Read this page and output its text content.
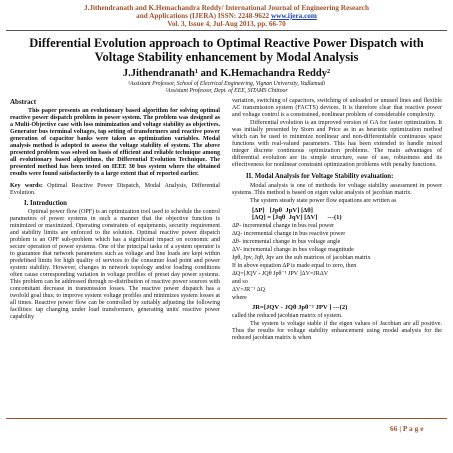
J.Jithendranath and K.Hemachandra Reddy/ International Journal of Engineering Research
and Applications (IJERA) ISSN: 2248-9622 www.ijera.com
Vol. 3, Issue 4, Jul-Aug 2013, pp. 66-70
Differential Evolution approach to Optimal Reactive Power Dispatch with Voltage Stability enhancement by Modal Analysis
J.Jithendranath¹ and K.Hemachandra Reddy²
¹Assistant Professor, School of Electrical Engineering, Vignan University, Vadlamudi
²Assistant Professor, Dept. of EEE, SITAMS Chittoor
Abstract

This paper presents an evolutionary based algorithm for solving optimal reactive power dispatch problem in power system. The problem was designed as a Multi-Objective case with loss minimization and voltage stability as objectives. Generator bus terminal voltages, tap setting of transformers and reactive power generation of capacitor banks were taken as optimization variables. Modal analysis method is adopted to assess the voltage stability of system. The above presented problem was solved on basis of efficient and reliable technique among all evolutionary based algorithms, the Differential Evolution Technique. The presented method has been tested on IEEE 30 bus system where the obtained results were found satisfactorily to a large extent that of reported earlier.

Key words: Optimal Reactive Power Dispatch, Modal Analysis, Differential Evolution.

I. Introduction

Optimal power flow (OPF) is an optimization tool used to schedule the control parameters of power systems in such a manner that the objective function is minimized or maximized. Operating constraints of equipments, security requirement and stability limits are enforced to the solution. Optimal reactive power dispatch problem is an OPF sub-problem which has a significant impact on economic and secure operation of power systems. One of the principal tasks of a system operator is to guarantee that network parameters such as voltage and line loads are kept within predefined limits for high quality of services to the consumer load point and power system stability. However, changes in network topology and/or loading conditions often cause corresponding variation in voltage profiles of preset day power systems. This problem can be addressed through re-distribution of reactive power sources with concomitant decrease in transmission losses. The reactive power dispatch has a twofold goal thus; to improve system voltage profiles and minimizes system losses at all times. Reactive power flow can be controlled by suitably adjusting the following facilities: tap changing under load transformers, generating units' reactive power capability

variation, switching of capacitors, switching of unloaded or unused lines and flexible AC transmission system (FACTS) devices. It is therefore clear that reactive power and voltage control is a constrained, nonlinear problem of considerable complexity.

Differential evolution is an improved version of GA for faster optimization. It was initially presented by Storn and Price as in as heuristic optimization method which can be used to minimize nonlinear and non-differentiable continuous space functions with real-valued parameters. This has been extended to handle mixed integer discrete continuous optimization problems. The main advantages of differential evolution are its simple structure, ease of use, robustness and its effectiveness for nonlinear constraint optimization problems with penalty functions.

II. Modal Analysis for Voltage Stability evaluation:

Modal analysis is one of methods for voltage stability assessment in power systems. This method is based on eigen value analysis of jacobian matrix.

The system steady state power flow equations are written as

[ΔP]   [Jpθ  JpV] [Δθ]
[ΔQ] = [Jqθ  JqV] [ΔV]      ---(1)

ΔP- incremental change in bus real power

ΔQ- incremental change in bus reactive power

Δθ- incremental change in bus voltage angle

ΔV- incremental change in bus voltage magnitude

Jpθ, Jpv, Jqθ, Jqv are the sub matrices of jacobian matrix

If in above equation ΔP is made equal to zero, then

ΔQ=[JQV - JQθ Jpθ⁻¹ JPV ]ΔV=JRΔV

and so

ΔV=JR⁻¹ ΔQ

where

JR=[JQV - JQθ Jpθ⁻¹ JPV ] ---(2)

called the reduced jacobian matrix of system.

The system is voltage stable if the eigen values of Jacobian are all positive. Thus the results for voltage stability enhancement using modal analysis for the reduced jacobian matrix is when

66 | P a g e
